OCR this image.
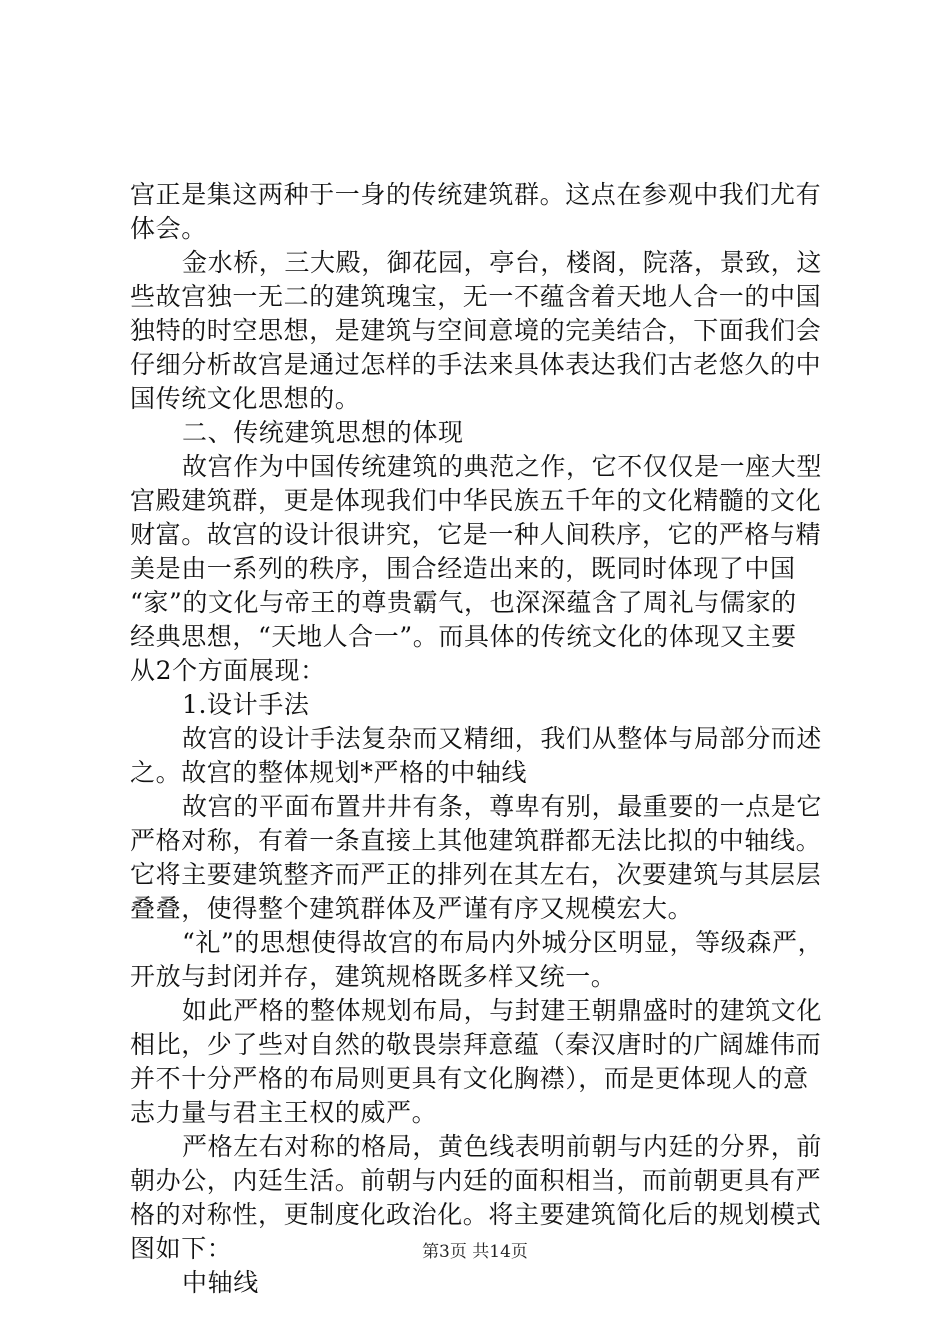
宫正是集这两种于一身的传统建筑群。这点在参观中我们尤有
体会。
金水桥，三大殿，御花园，亭台，楼阁，院落，景致，这
些故宫独一无二的建筑瑰宝，无一不蕴含着天地人合一的中国
独特的时空思想，是建筑与空间意境的完美结合，下面我们会
仔细分析故宫是通过怎样的手法来具体表达我们古老悠久的中
国传统文化思想的。
二、传统建筑思想的体现
故宫作为中国传统建筑的典范之作，它不仅仅是一座大型
宫殿建筑群，更是体现我们中华民族五千年的文化精髓的文化
财富。故宫的设计很讲究，它是一种人间秩序，它的严格与精
美是由一系列的秩序，围合经造出来的，既同时体现了中国
“家”的文化与帝王的尊贵霸气，也深深蕴含了周礼与儒家的
经典思想，“天地人合一”。而具体的传统文化的体现又主要
从2个方面展现：
1.设计手法
故宫的设计手法复杂而又精细，我们从整体与局部分而述
之。故宫的整体规划*严格的中轴线
故宫的平面布置井井有条，尊卑有别，最重要的一点是它
严格对称，有着一条直接上其他建筑群都无法比拟的中轴线。
它将主要建筑整齐而严正的排列在其左右，次要建筑与其层层
叠叠，使得整个建筑群体及严谨有序又规模宏大。
“礼”的思想使得故宫的布局内外城分区明显，等级森严，
开放与封闭并存，建筑规格既多样又统一。
如此严格的整体规划布局，与封建王朝鼎盛时的建筑文化
相比，少了些对自然的敬畏崇拜意蕴（秦汉唐时的广阔雄伟而
并不十分严格的布局则更具有文化胸襟），而是更体现人的意
志力量与君主王权的威严。
严格左右对称的格局，黄色线表明前朝与内廷的分界，前
朝办公，内廷生活。前朝与内廷的面积相当，而前朝更具有严
格的对称性，更制度化政治化。将主要建筑简化后的规划模式
图如下：
中轴线
第3页 共14页
